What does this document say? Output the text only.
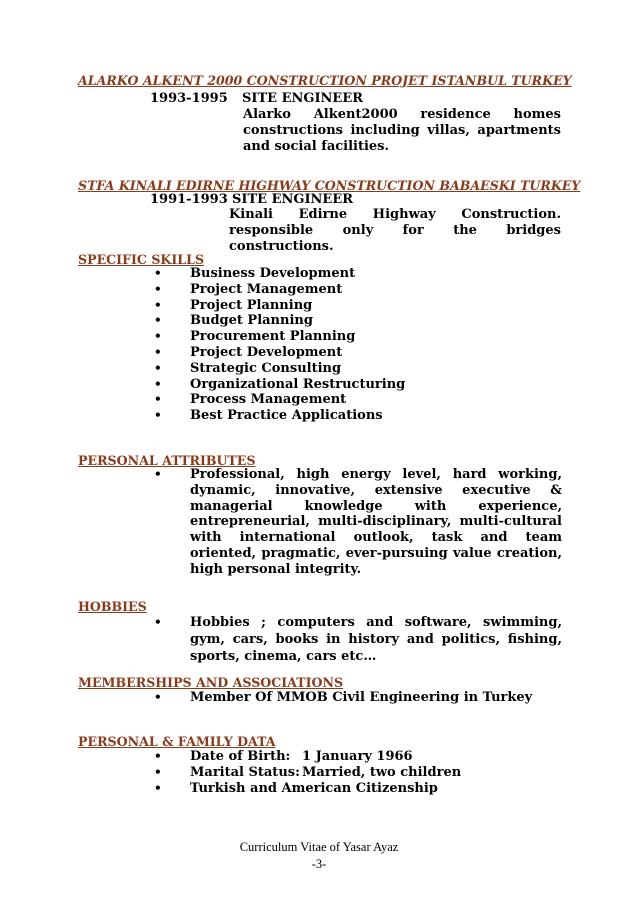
ALARKO ALKENT 2000 CONSTRUCTION PROJET ISTANBUL TURKEY
1993-1995 SITE ENGINEER
Alarko Alkent2000 residence homes constructions including villas, apartments and social facilities.
STFA KINALI EDIRNE HIGHWAY CONSTRUCTION BABAESKI TURKEY
1991-1993 SITE ENGINEER
Kinali Edirne Highway Construction. responsible only for the bridges constructions.
SPECIFIC SKILLS
• Business Development
• Project Management
• Project Planning
• Budget Planning
• Procurement Planning
• Project Development
• Strategic Consulting
• Organizational Restructuring
• Process Management
• Best Practice Applications
PERSONAL ATTRIBUTES
• Professional, high energy level, hard working, dynamic, innovative, extensive executive & managerial knowledge with experience, entrepreneurial, multi-disciplinary, multi-cultural with international outlook, task and team oriented, pragmatic, ever-pursuing value creation, high personal integrity.
HOBBIES
• Hobbies ; computers and software, swimming, gym, cars, books in history and politics, fishing, sports, cinema, cars etc…
MEMBERSHIPS AND ASSOCIATIONS
• Member Of MMOB Civil Engineering in Turkey
PERSONAL & FAMILY DATA
• Date of Birth: 1 January 1966
• Marital Status: Married, two children
• Turkish and American Citizenship
Curriculum Vitae of Yasar Ayaz
-3-
